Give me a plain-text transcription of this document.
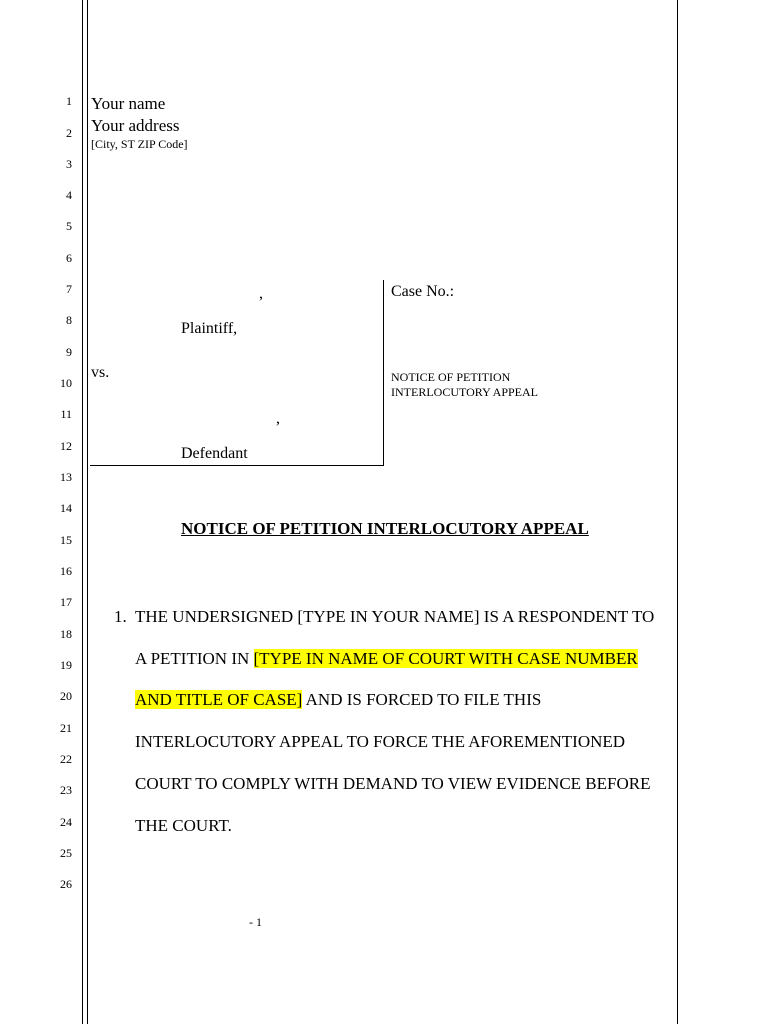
1
2
3
4
5
6
7
8
9
10
11
12
13
14
15
16
17
18
19
20
21
22
23
24
25
26
Your name
Your address
[City, ST ZIP Code]
,
Plaintiff,
vs.
,
Defendant
Case No.:
NOTICE OF PETITION
INTERLOCUTORY APPEAL
NOTICE OF PETITION INTERLOCUTORY APPEAL
1. THE UNDERSIGNED [TYPE IN YOUR NAME] IS A RESPONDENT TO
A PETITION IN [TYPE IN NAME OF COURT WITH CASE NUMBER
AND TITLE OF CASE] AND IS FORCED TO FILE THIS
INTERLOCUTORY APPEAL TO FORCE THE AFOREMENTIONED
COURT TO COMPLY WITH DEMAND TO VIEW EVIDENCE BEFORE
THE COURT.
- 1
